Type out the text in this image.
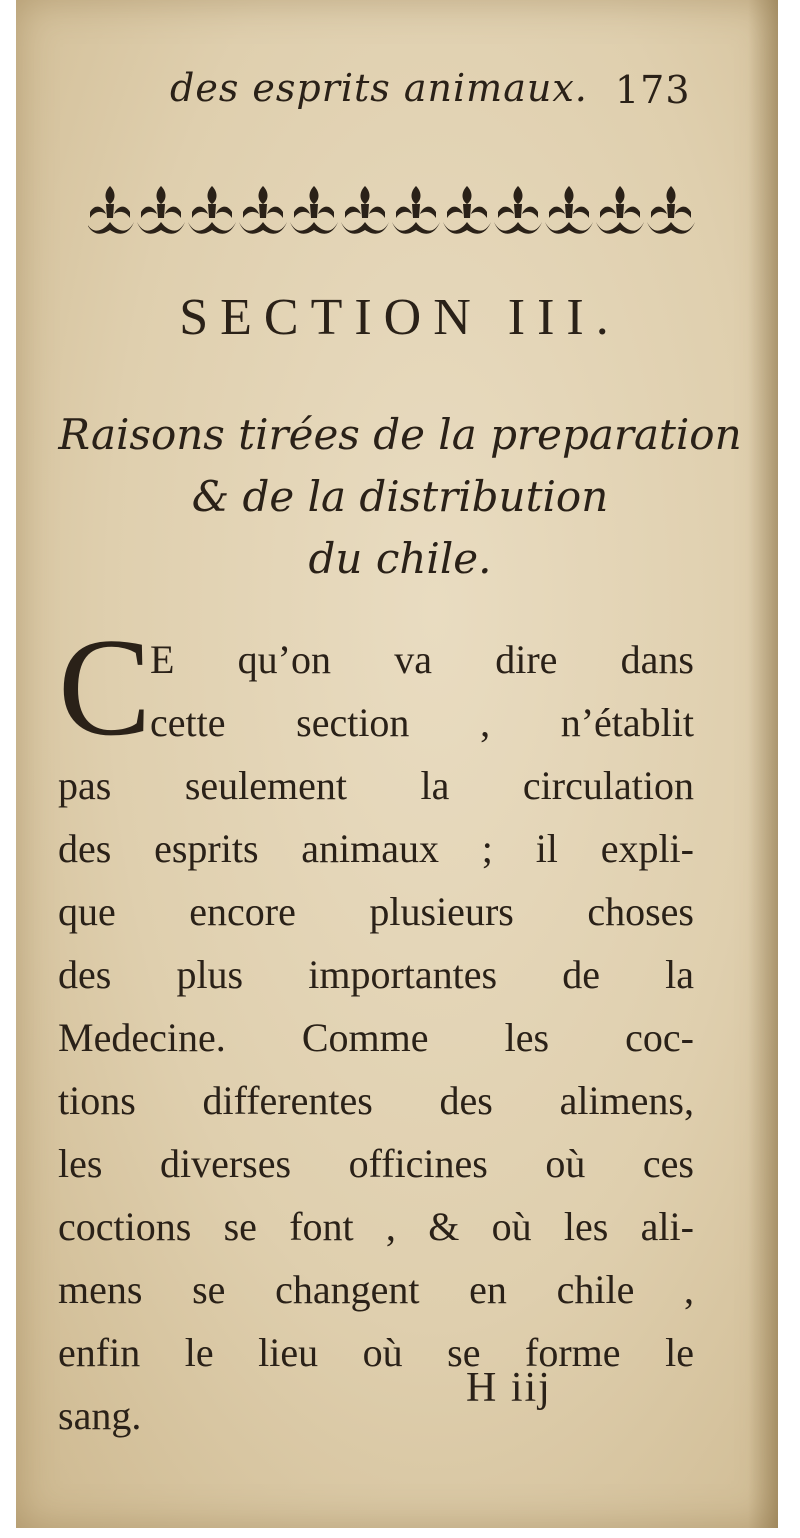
des esprits animaux. 173
SECTION III.
Raisons tirées de la preparation
& de la distribution
du chile.
C
E qu’on va dire dans
cette section , n’établit
pas seulement la circulation
des esprits animaux ; il expli-
que encore plusieurs choses
des plus importantes de la
Medecine. Comme les coc-
tions differentes des alimens,
les diverses officines où ces
coctions se font , & où les ali-
mens se changent en chile ,
enfin le lieu où se forme le
sang.
H iij
